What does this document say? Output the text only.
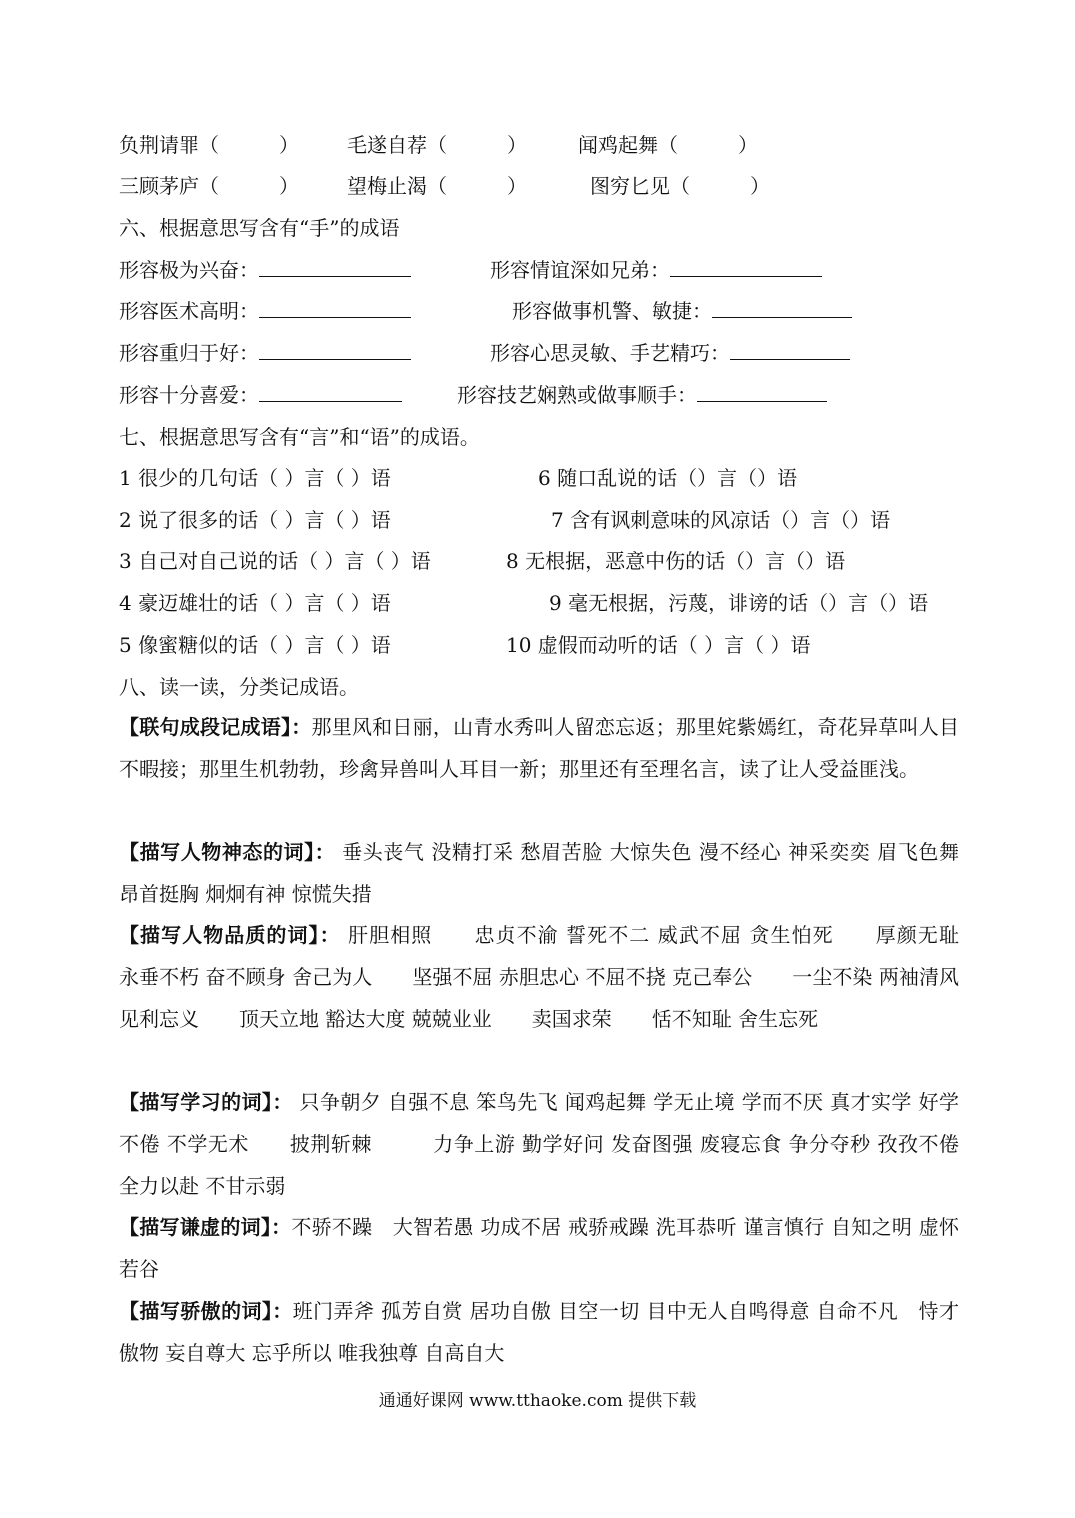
负荆请罪（　　　） 毛遂自荐（　　　）	闻鸡起舞（　　　）
三顾茅庐（　　　） 望梅止渴（　　　）	图穷匕见（　　　）
六、根据意思写含有“手”的成语
形容极为兴奋：	形容情谊深如兄弟：
形容医术高明：	形容做事机警、敏捷：
形容重归于好：	形容心思灵敏、手艺精巧：
形容十分喜爱：	形容技艺娴熟或做事顺手：
七、根据意思写含有“言”和“语”的成语。
1 很少的几句话（ ）言（ ）语	6 随口乱说的话（）言（）语
2 说了很多的话（ ）言（ ）语	7 含有讽刺意味的风凉话（）言（）语
3 自己对自己说的话（ ）言（ ）语	8 无根据，恶意中伤的话（）言（）语
4 豪迈雄壮的话（ ）言（ ）语	9 毫无根据，污蔑，诽谤的话（）言（）语
5 像蜜糖似的话（ ）言（ ）语	10 虚假而动听的话（ ）言（ ）语
八、读一读，分类记成语。
【联句成段记成语】：那里风和日丽，山青水秀叫人留恋忘返；那里姹紫嫣红，奇花异草叫人目不暇接；那里生机勃勃，珍禽异兽叫人耳目一新；那里还有至理名言，读了让人受益匪浅。
【描写人物神态的词】： 垂头丧气 没精打采 愁眉苦脸 大惊失色 漫不经心 神采奕奕 眉飞色舞 昂首挺胸 炯炯有神 惊慌失措
【描写人物品质的词】： 肝胆相照　　忠贞不渝 誓死不二 威武不屈 贪生怕死　　厚颜无耻　　永垂不朽 奋不顾身 舍己为人　　坚强不屈 赤胆忠心 不屈不挠 克己奉公　　一尘不染 两袖清风　　见利忘义　　顶天立地 豁达大度 兢兢业业　　卖国求荣　　恬不知耻 舍生忘死
【描写学习的词】： 只争朝夕 自强不息 笨鸟先飞 闻鸡起舞 学无止境 学而不厌 真才实学 好学不倦 不学无术　　披荆斩棘　　　力争上游 勤学好问 发奋图强 废寝忘食 争分夺秒 孜孜不倦 全力以赴 不甘示弱
【描写谦虚的词】：不骄不躁　大智若愚 功成不居 戒骄戒躁 洗耳恭听 谨言慎行 自知之明 虚怀若谷
【描写骄傲的词】：班门弄斧 孤芳自赏 居功自傲 目空一切 目中无人自鸣得意 自命不凡　恃才傲物 妄自尊大 忘乎所以 唯我独尊 自高自大
通通好课网 www.tthaoke.com 提供下载
